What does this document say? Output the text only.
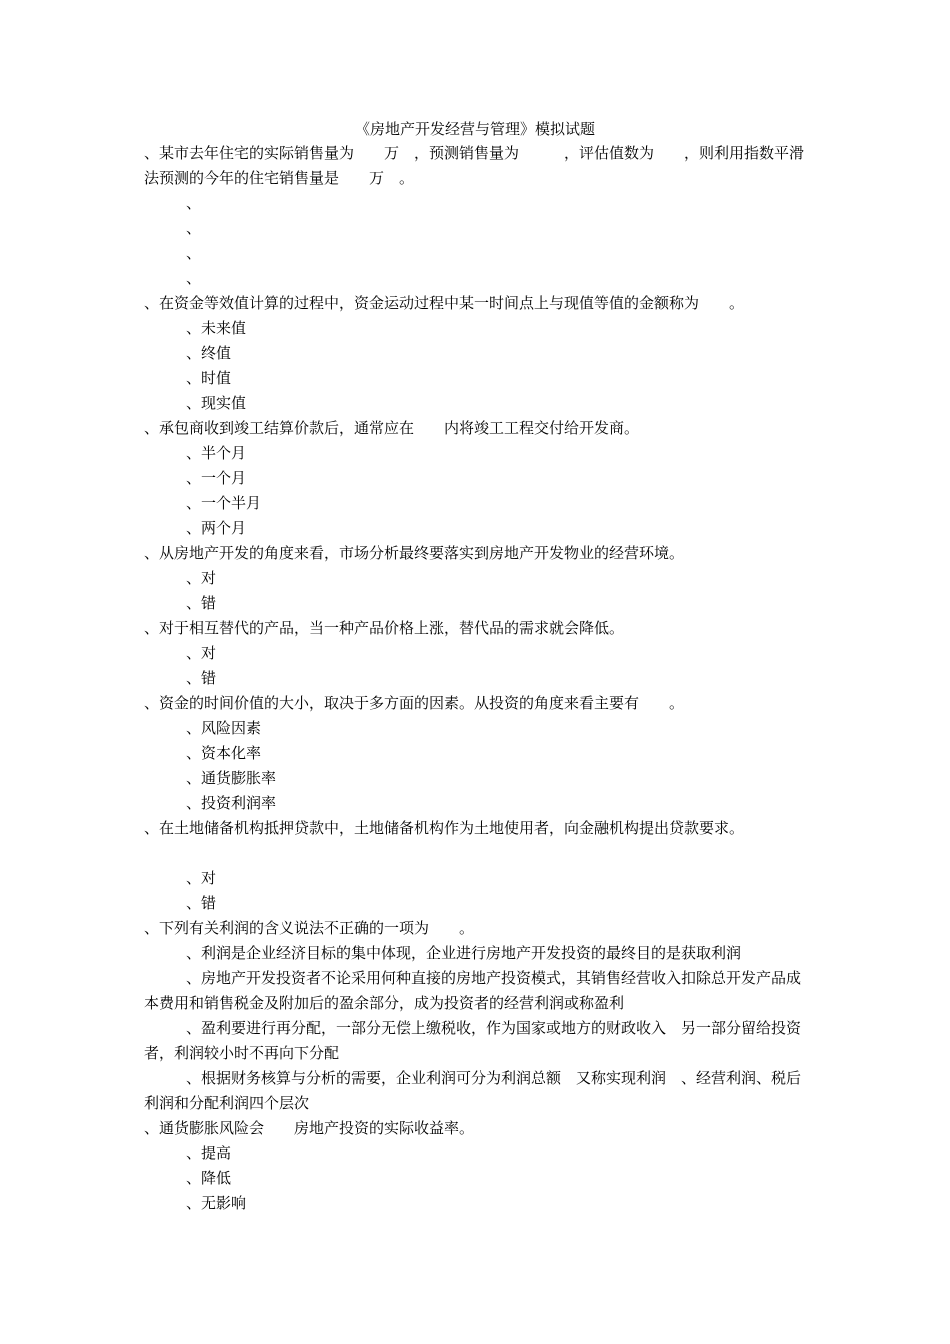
《房地产开发经营与管理》模拟试题
、某市去年住宅的实际销售量为　　万　，预测销售量为　　　，评估值数为　　，则利用指数平滑法预测的今年的住宅销售量是　　万　。
、
、
、
、
、在资金等效值计算的过程中，资金运动过程中某一时间点上与现值等值的金额称为　　。
、未来值
、终值
、时值
、现实值
、承包商收到竣工结算价款后，通常应在　　内将竣工工程交付给开发商。
、半个月
、一个月
、一个半月
、两个月
、从房地产开发的角度来看，市场分析最终要落实到房地产开发物业的经营环境。
、对
、错
、对于相互替代的产品，当一种产品价格上涨，替代品的需求就会降低。
、对
、错
、资金的时间价值的大小，取决于多方面的因素。从投资的角度来看主要有　　。
、风险因素
、资本化率
、通货膨胀率
、投资利润率
、在土地储备机构抵押贷款中，土地储备机构作为土地使用者，向金融机构提出贷款要求。
、对
、错
、下列有关利润的含义说法不正确的一项为　　。
、利润是企业经济目标的集中体现，企业进行房地产开发投资的最终目的是获取利润
、房地产开发投资者不论采用何种直接的房地产投资模式，其销售经营收入扣除总开发产品成本费用和销售税金及附加后的盈余部分，成为投资者的经营利润或称盈利
、盈利要进行再分配，一部分无偿上缴税收，作为国家或地方的财政收入　另一部分留给投资者，利润较小时不再向下分配
、根据财务核算与分析的需要，企业利润可分为利润总额　又称实现利润　、经营利润、税后利润和分配利润四个层次
、通货膨胀风险会　　房地产投资的实际收益率。
、提高
、降低
、无影响
